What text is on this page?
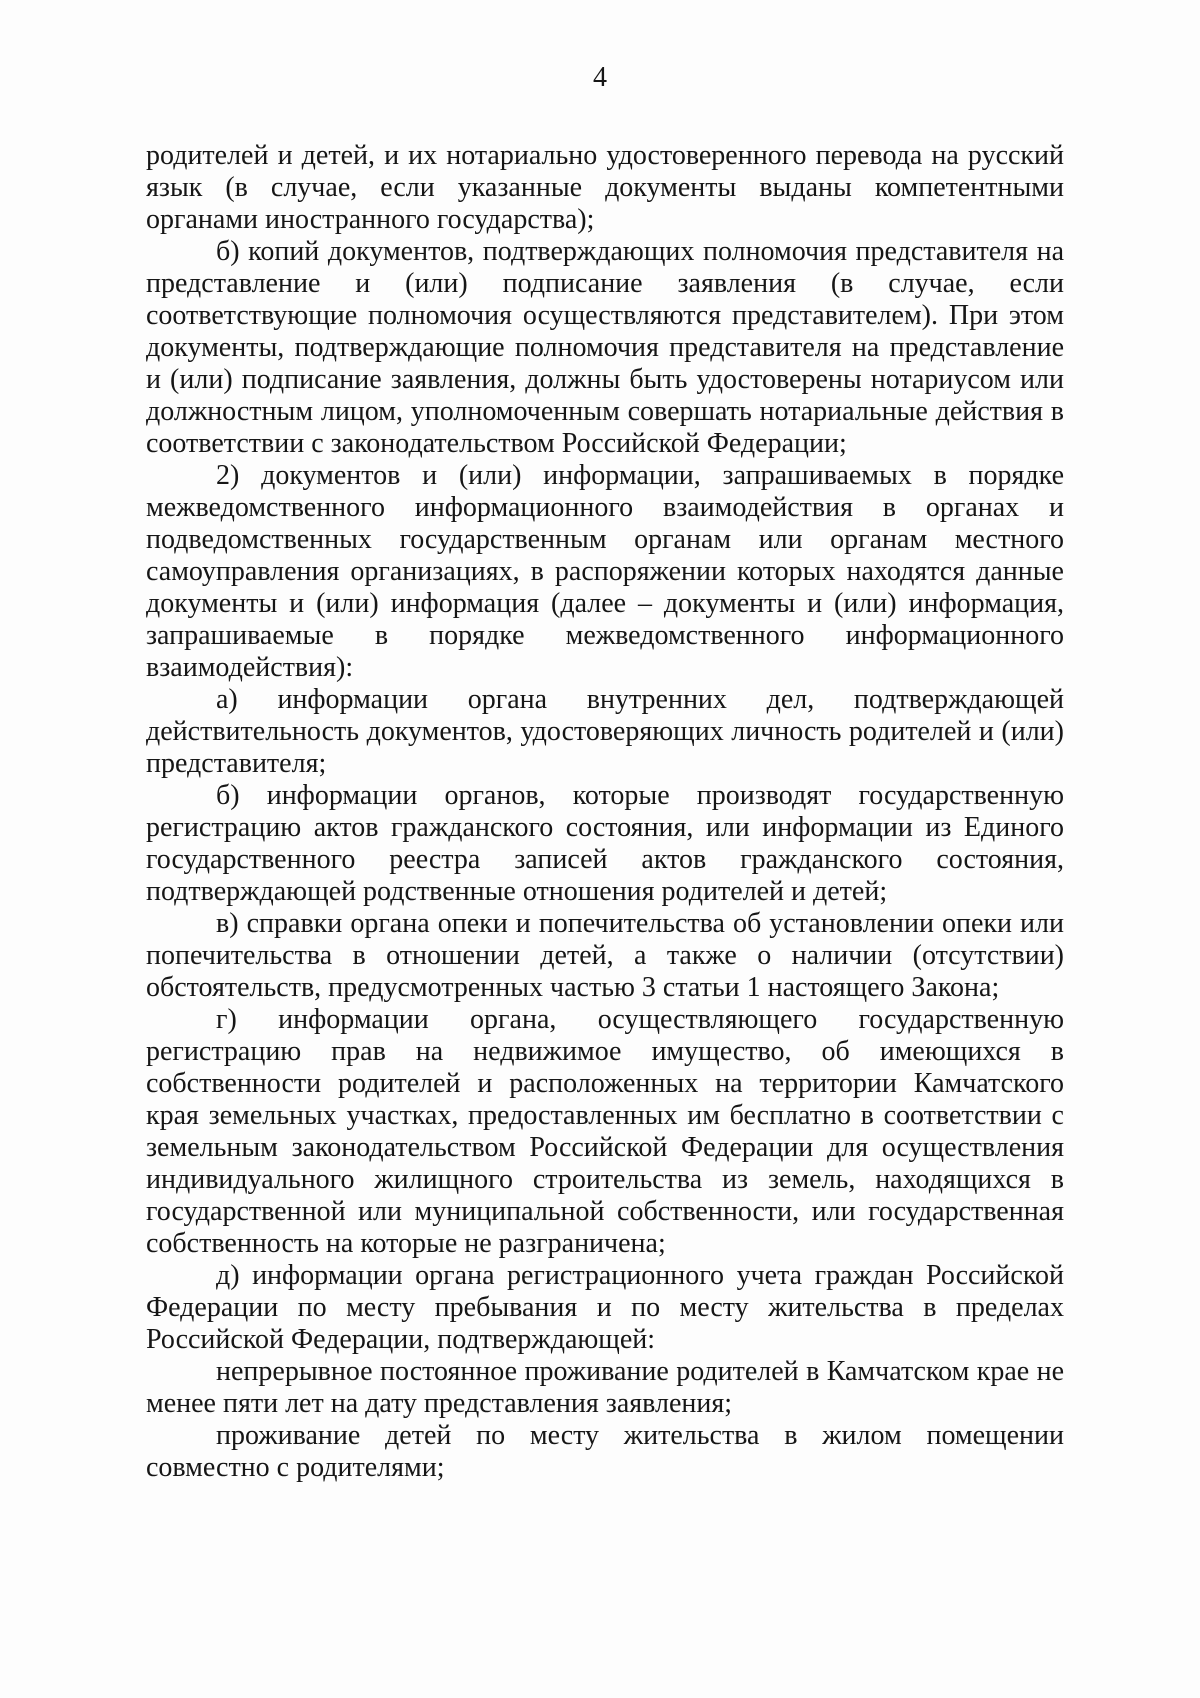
4

родителей и детей, и их нотариально удостоверенного перевода на русский язык (в случае, если указанные документы выданы компетентными органами иностранного государства);

б) копий документов, подтверждающих полномочия представителя на представление и (или) подписание заявления (в случае, если соответствующие полномочия осуществляются представителем). При этом документы, подтверждающие полномочия представителя на представление и (или) подписание заявления, должны быть удостоверены нотариусом или должностным лицом, уполномоченным совершать нотариальные действия в соответствии с законодательством Российской Федерации;

2) документов и (или) информации, запрашиваемых в порядке межведомственного информационного взаимодействия в органах и подведомственных государственным органам или органам местного самоуправления организациях, в распоряжении которых находятся данные документы и (или) информация (далее – документы и (или) информация, запрашиваемые в порядке межведомственного информационного взаимодействия):

а) информации органа внутренних дел, подтверждающей действительность документов, удостоверяющих личность родителей и (или) представителя;

б) информации органов, которые производят государственную регистрацию актов гражданского состояния, или информации из Единого государственного реестра записей актов гражданского состояния, подтверждающей родственные отношения родителей и детей;

в) справки органа опеки и попечительства об установлении опеки или попечительства в отношении детей, а также о наличии (отсутствии) обстоятельств, предусмотренных частью 3 статьи 1 настоящего Закона;

г) информации органа, осуществляющего государственную регистрацию прав на недвижимое имущество, об имеющихся в собственности родителей и расположенных на территории Камчатского края земельных участках, предоставленных им бесплатно в соответствии с земельным законодательством Российской Федерации для осуществления индивидуального жилищного строительства из земель, находящихся в государственной или муниципальной собственности, или государственная собственность на которые не разграничена;

д) информации органа регистрационного учета граждан Российской Федерации по месту пребывания и по месту жительства в пределах Российской Федерации, подтверждающей:

непрерывное постоянное проживание родителей в Камчатском крае не менее пяти лет на дату представления заявления;

проживание детей по месту жительства в жилом помещении совместно с родителями;
